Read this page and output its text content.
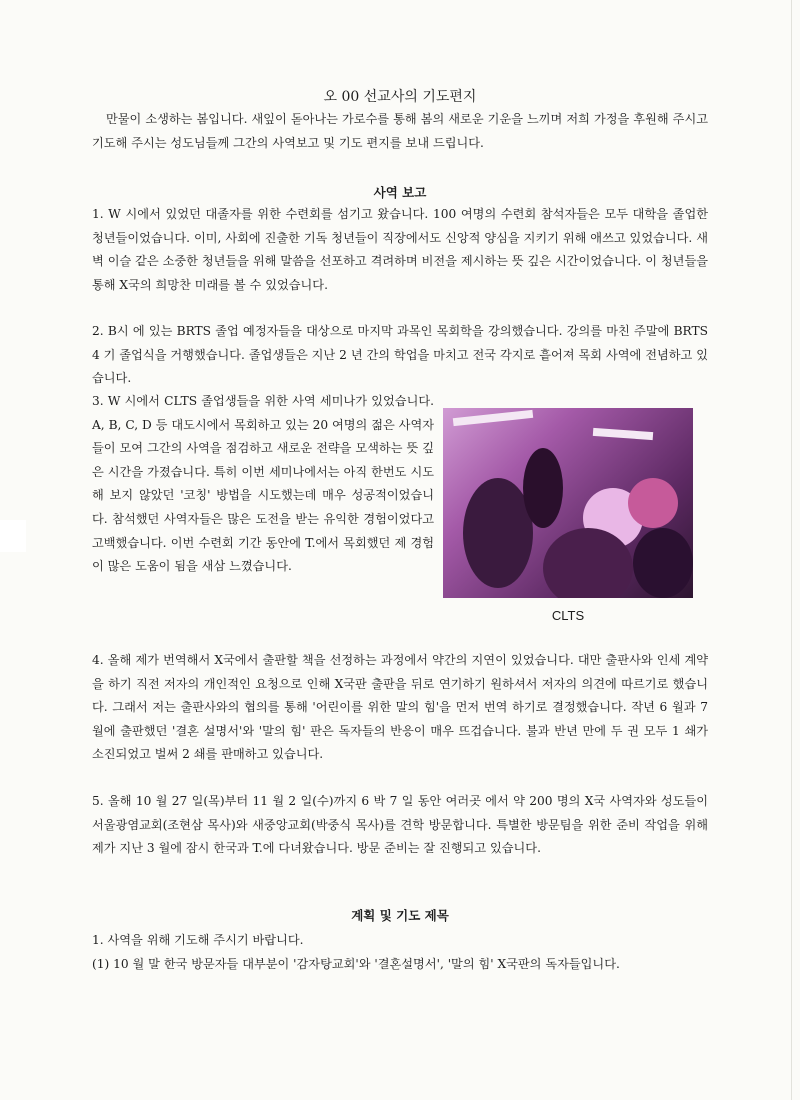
오 00 선교사의 기도편지

만물이 소생하는 봄입니다. 새잎이 돋아나는 가로수를 통해 봄의 새로운 기운을 느끼며 저희 가정을 후원해 주시고 기도해 주시는 성도님들께 그간의 사역보고 및 기도 편지를 보내 드립니다.

사역 보고

1. W 시에서 있었던 대졸자를 위한 수련회를 섬기고 왔습니다. 100 여명의 수련회 참석자들은 모두 대학을 졸업한 청년들이었습니다. 이미, 사회에 진출한 기독 청년들이 직장에서도 신앙적 양심을 지키기 위해 애쓰고 있었습니다. 새벽 이슬 같은 소중한 청년들을 위해 말씀을 선포하고 격려하며 비전을 제시하는 뜻 깊은 시간이었습니다. 이 청년들을 통해 X국의 희망찬 미래를 볼 수 있었습니다.

2. B시 에 있는 BRTS 졸업 예정자들을 대상으로 마지막 과목인 목회학을 강의했습니다. 강의를 마친 주말에 BRTS 4 기 졸업식을 거행했습니다. 졸업생들은 지난 2 년 간의 학업을 마치고 전국 각지로 흩어져 목회 사역에 전념하고 있습니다.

3. W 시에서 CLTS 졸업생들을 위한 사역 세미나가 있었습니다. A, B, C, D 등 대도시에서 목회하고 있는 20 여명의 젊은 사역자들이 모여 그간의 사역을 점검하고 새로운 전략을 모색하는 뜻 깊은 시간을 가졌습니다. 특히 이번 세미나에서는 아직 한번도 시도해 보지 않았던 '코칭' 방법을 시도했는데 매우 성공적이었습니다. 참석했던 사역자들은 많은 도전을 받는 유익한 경험이었다고 고백했습니다. 이번 수련회 기간 동안에 T.에서 목회했던 제 경험이 많은 도움이 됨을 새삼 느꼈습니다.

CLTS

4. 올해 제가 번역해서 X국에서 출판할 책을 선정하는 과정에서 약간의 지연이 있었습니다. 대만 출판사와 인세 계약을 하기 직전 저자의 개인적인 요청으로 인해 X국판 출판을 뒤로 연기하기 원하셔서 저자의 의견에 따르기로 했습니다. 그래서 저는 출판사와의 협의를 통해 '어린이를 위한 말의 힘'을 먼저 번역 하기로 결정했습니다. 작년 6 월과 7 월에 출판했던 '결혼 설명서'와 '말의 힘' 판은 독자들의 반응이 매우 뜨겁습니다. 불과 반년 만에 두 권 모두 1 쇄가 소진되었고 벌써 2 쇄를 판매하고 있습니다.

5. 올해 10 월 27 일(목)부터 11 월 2 일(수)까지 6 박 7 일 동안 여러곳 에서 약 200 명의 X국 사역자와 성도들이 서울광염교회(조현삼 목사)와 새중앙교회(박중식 목사)를 견학 방문합니다. 특별한 방문팀을 위한 준비 작업을 위해 제가 지난 3 월에 잠시 한국과 T.에 다녀왔습니다. 방문 준비는 잘 진행되고 있습니다.

계획 및 기도 제목

1. 사역을 위해 기도해 주시기 바랍니다.

(1) 10 월 말 한국 방문자들 대부분이 '감자탕교회'와 '결혼설명서', '말의 힘' X국판의 독자들입니다.
